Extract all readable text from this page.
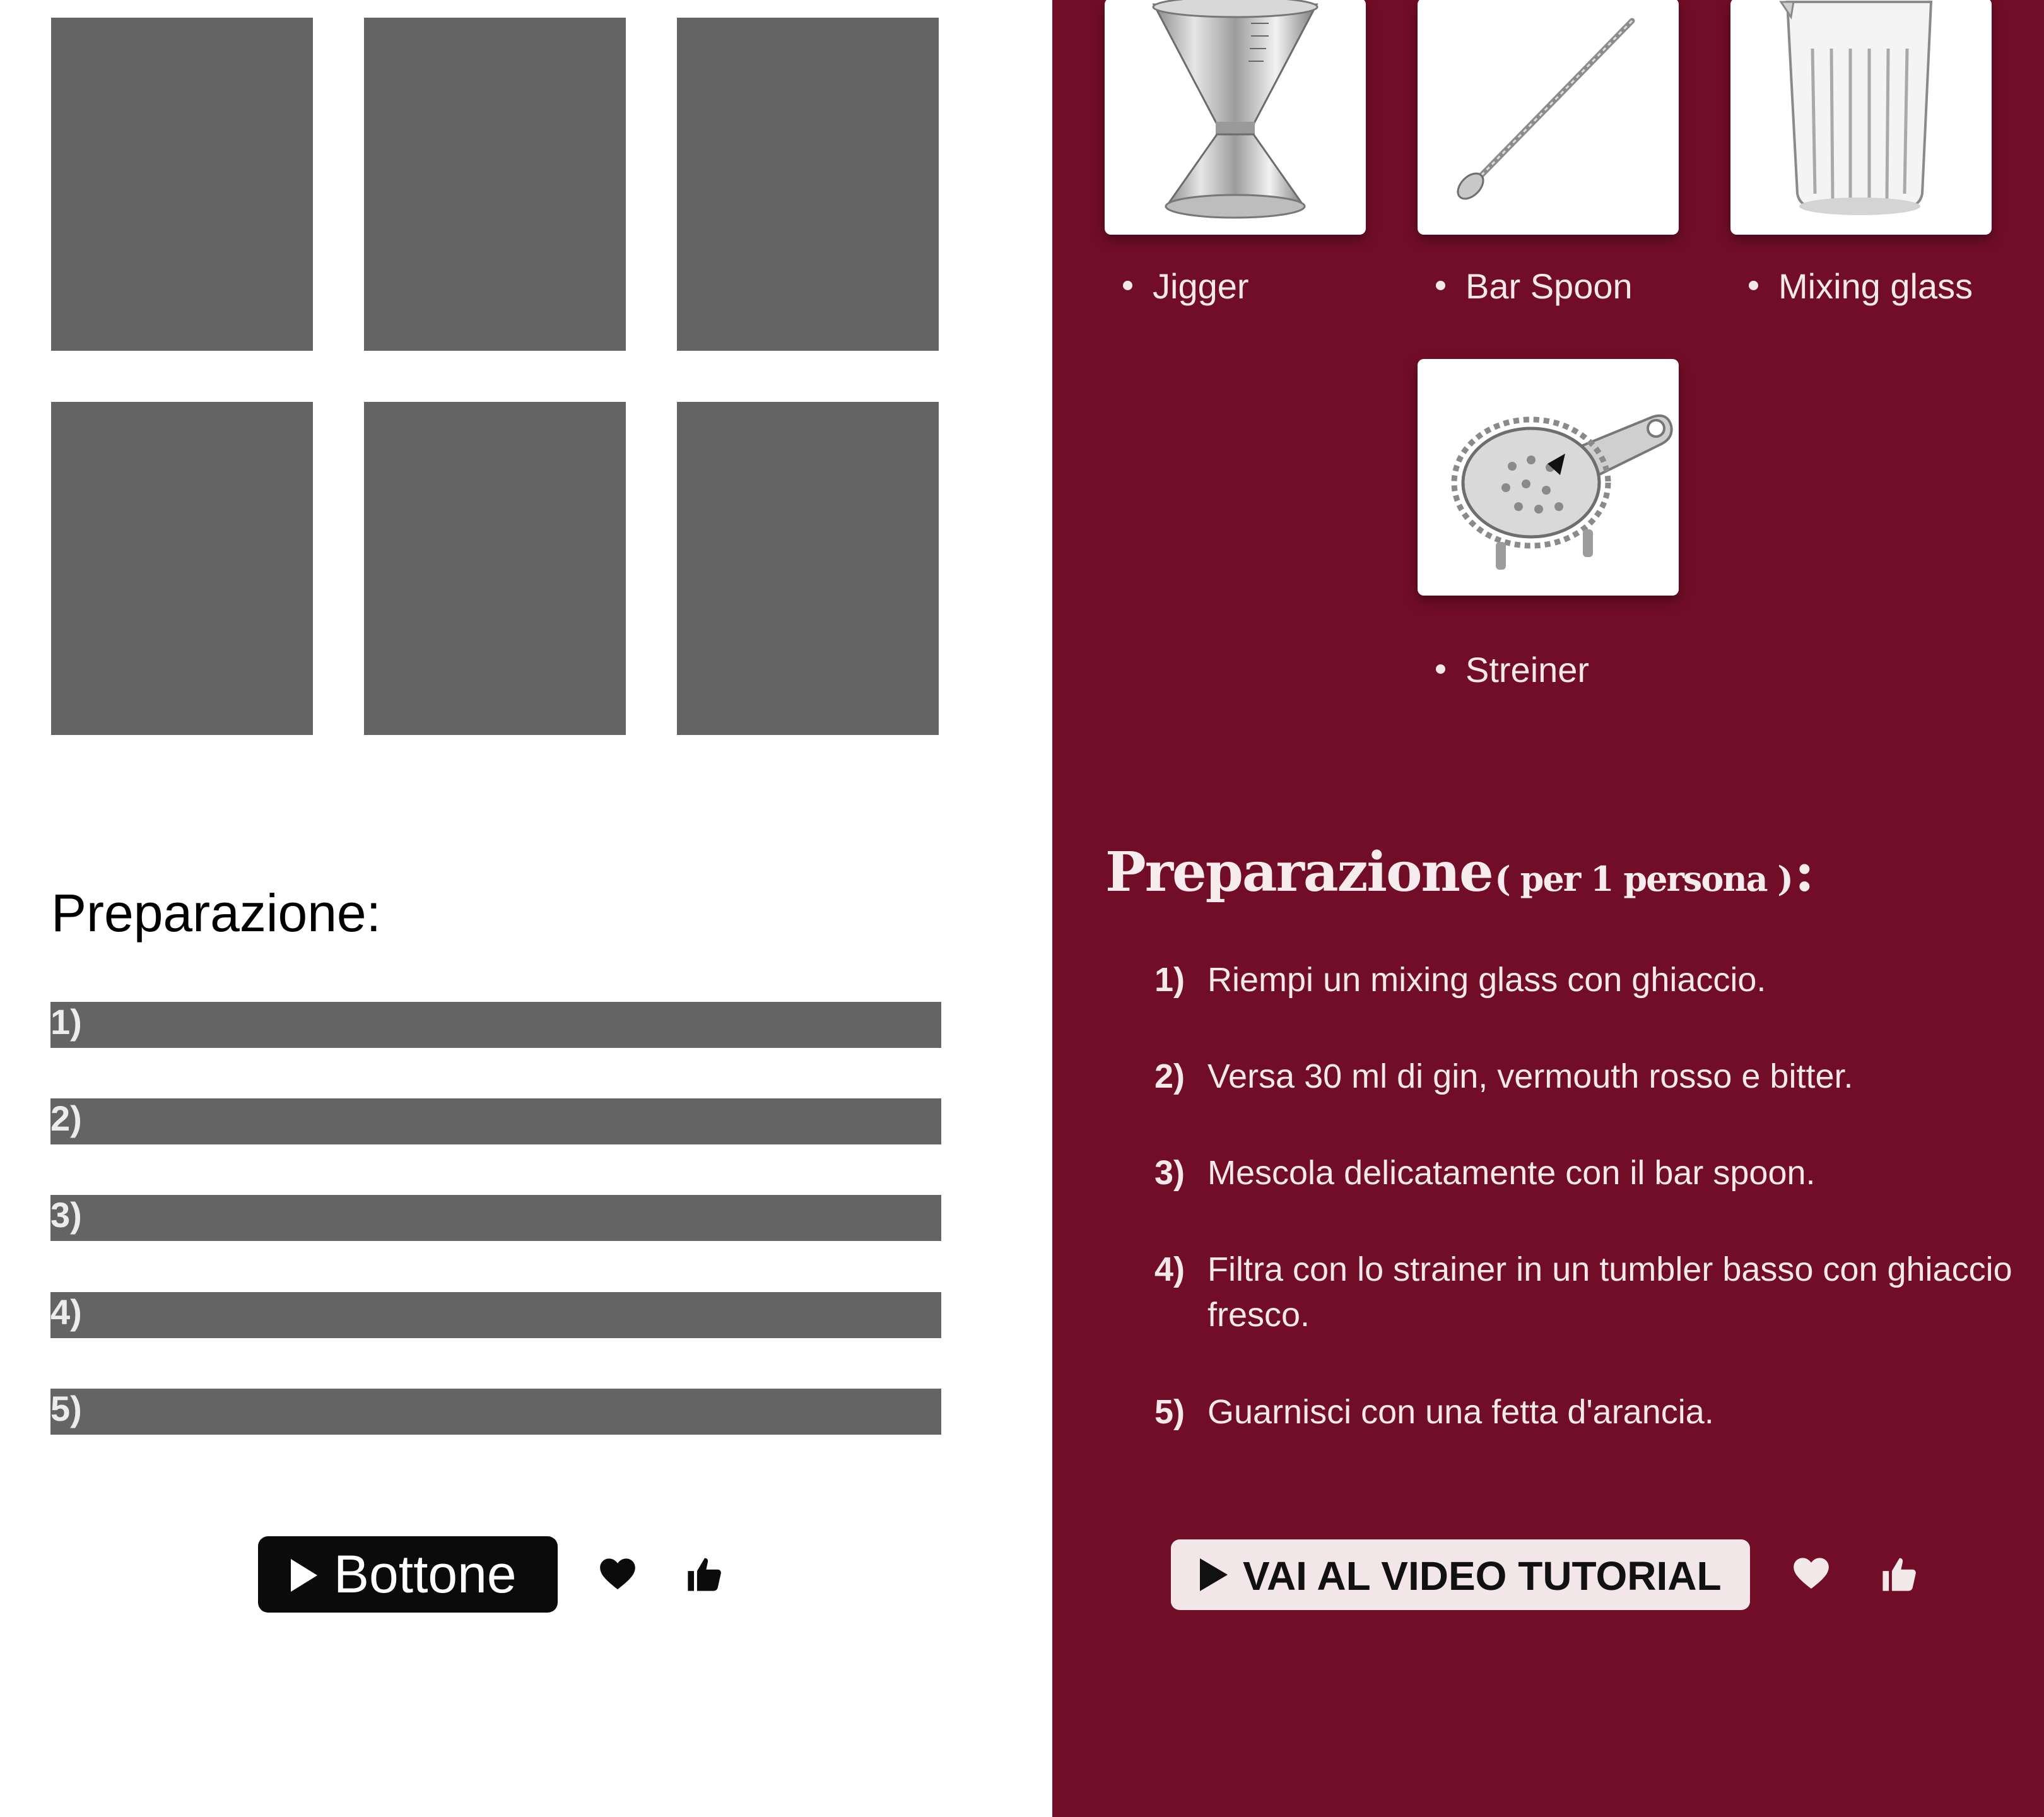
Preparazione:
1)
2)
3)
4)
5)
Bottone
Jigger	Bar Spoon	Mixing glass
Streiner
Preparazione ( per 1 persona ) :
1) Riempi un mixing glass con ghiaccio.
2) Versa 30 ml di gin, vermouth rosso e bitter.
3) Mescola delicatamente con il bar spoon.
4) Filtra con lo strainer in un tumbler basso con ghiaccio fresco.
5) Guarnisci con una fetta d'arancia.
VAI AL VIDEO TUTORIAL
